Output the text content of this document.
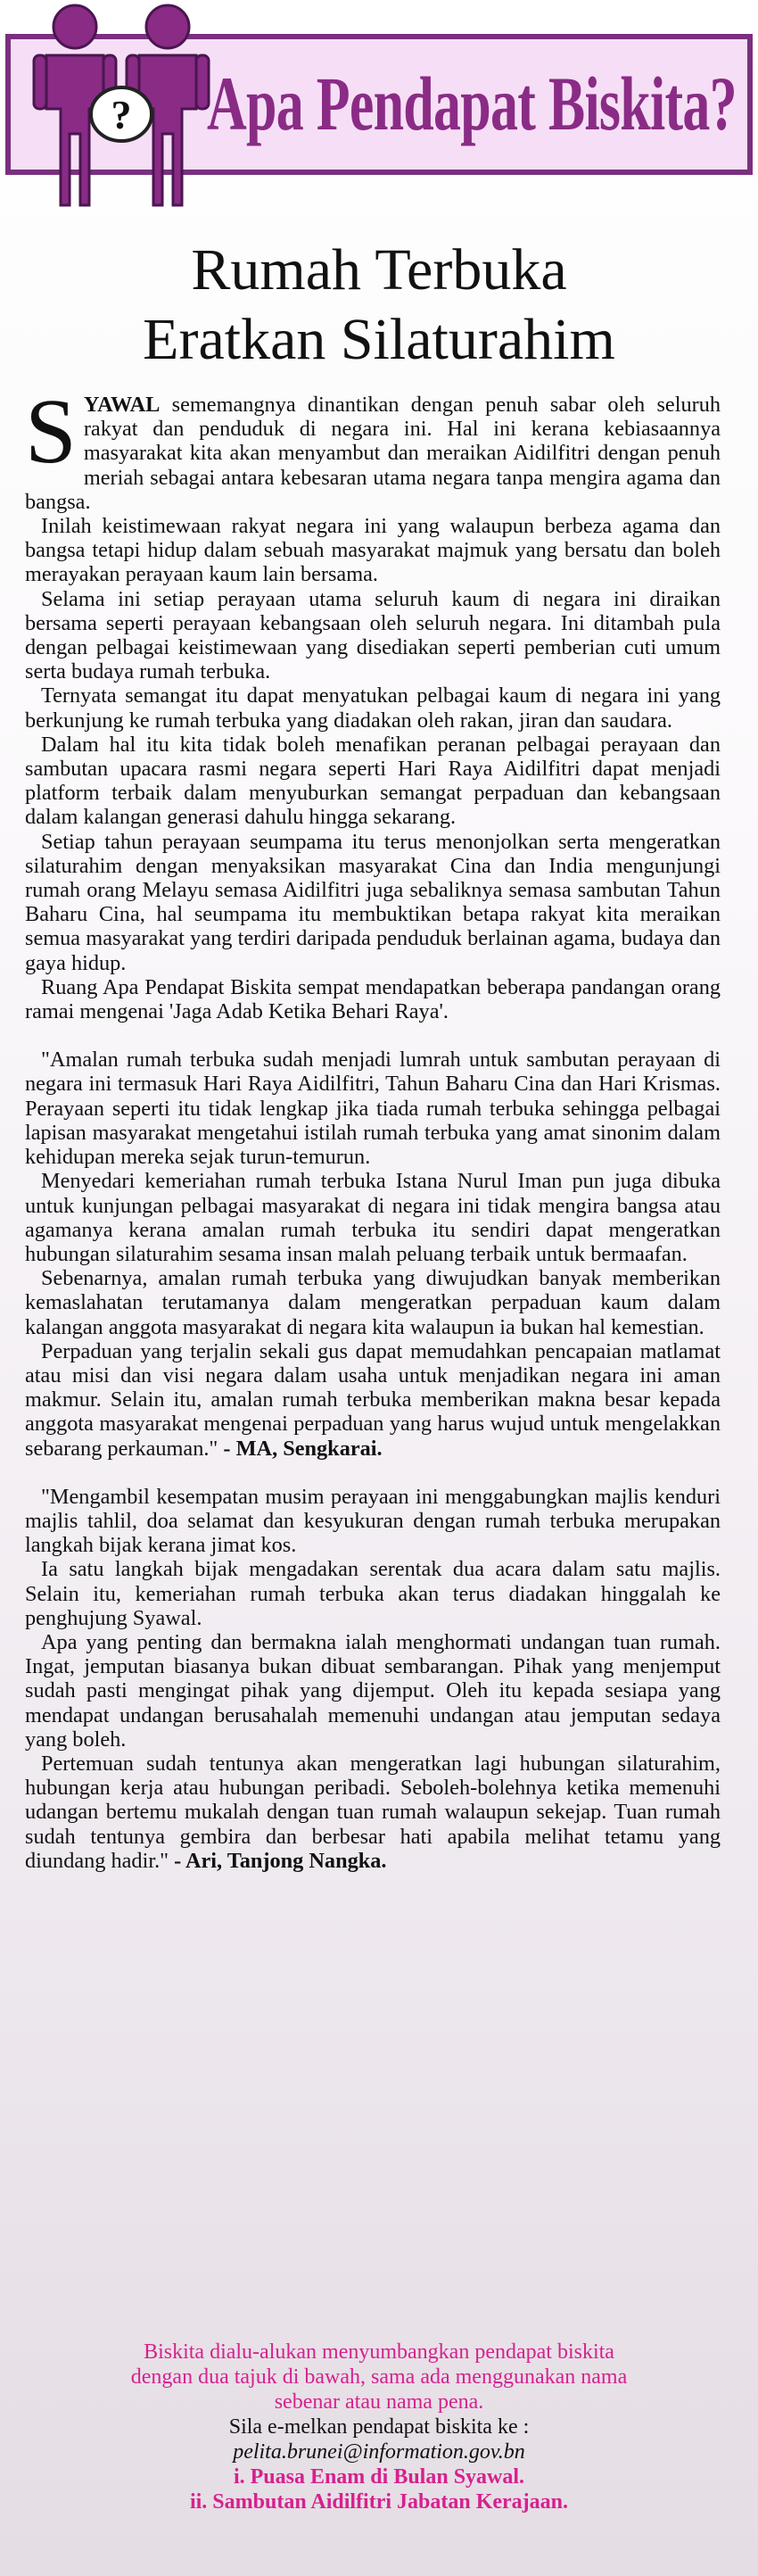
? Apa Pendapat Biskita?
Rumah Terbuka
Eratkan Silaturahim

SYAWAL sememangnya dinantikan dengan penuh sabar oleh seluruh rakyat dan penduduk di negara ini. Hal ini kerana kebiasaannya masyarakat kita akan menyambut dan meraikan Aidilfitri dengan penuh meriah sebagai antara kebesaran utama negara tanpa mengira agama dan bangsa.

Inilah keistimewaan rakyat negara ini yang walaupun berbeza agama dan bangsa tetapi hidup dalam sebuah masyarakat majmuk yang bersatu dan boleh merayakan perayaan kaum lain bersama.

Selama ini setiap perayaan utama seluruh kaum di negara ini diraikan bersama seperti perayaan kebangsaan oleh seluruh negara. Ini ditambah pula dengan pelbagai keistimewaan yang disediakan seperti pemberian cuti umum serta budaya rumah terbuka.

Ternyata semangat itu dapat menyatukan pelbagai kaum di negara ini yang berkunjung ke rumah terbuka yang diadakan oleh rakan, jiran dan saudara.

Dalam hal itu kita tidak boleh menafikan peranan pelbagai perayaan dan sambutan upacara rasmi negara seperti Hari Raya Aidilfitri dapat menjadi platform terbaik dalam menyuburkan semangat perpaduan dan kebangsaan dalam kalangan generasi dahulu hingga sekarang.

Setiap tahun perayaan seumpama itu terus menonjolkan serta mengeratkan silaturahim dengan menyaksikan masyarakat Cina dan India mengunjungi rumah orang Melayu semasa Aidilfitri juga sebaliknya semasa sambutan Tahun Baharu Cina, hal seumpama itu membuktikan betapa rakyat kita meraikan semua masyarakat yang terdiri daripada penduduk berlainan agama, budaya dan gaya hidup.

Ruang Apa Pendapat Biskita sempat mendapatkan beberapa pandangan orang ramai mengenai 'Jaga Adab Ketika Behari Raya'.

"Amalan rumah terbuka sudah menjadi lumrah untuk sambutan perayaan di negara ini termasuk Hari Raya Aidilfitri, Tahun Baharu Cina dan Hari Krismas. Perayaan seperti itu tidak lengkap jika tiada rumah terbuka sehingga pelbagai lapisan masyarakat mengetahui istilah rumah terbuka yang amat sinonim dalam kehidupan mereka sejak turun-temurun.

Menyedari kemeriahan rumah terbuka Istana Nurul Iman pun juga dibuka untuk kunjungan pelbagai masyarakat di negara ini tidak mengira bangsa atau agamanya kerana amalan rumah terbuka itu sendiri dapat mengeratkan hubungan silaturahim sesama insan malah peluang terbaik untuk bermaafan.

Sebenarnya, amalan rumah terbuka yang diwujudkan banyak memberikan kemaslahatan terutamanya dalam mengeratkan perpaduan kaum dalam kalangan anggota masyarakat di negara kita walaupun ia bukan hal kemestian.

Perpaduan yang terjalin sekali gus dapat memudahkan pencapaian matlamat atau misi dan visi negara dalam usaha untuk menjadikan negara ini aman makmur. Selain itu, amalan rumah terbuka memberikan makna besar kepada anggota masyarakat mengenai perpaduan yang harus wujud untuk mengelakkan sebarang perkauman." - MA, Sengkarai.

"Mengambil kesempatan musim perayaan ini menggabungkan majlis kenduri majlis tahlil, doa selamat dan kesyukuran dengan rumah terbuka merupakan langkah bijak kerana jimat kos.

Ia satu langkah bijak mengadakan serentak dua acara dalam satu majlis. Selain itu, kemeriahan rumah terbuka akan terus diadakan hinggalah ke penghujung Syawal.

Apa yang penting dan bermakna ialah menghormati undangan tuan rumah. Ingat, jemputan biasanya bukan dibuat sembarangan. Pihak yang menjemput sudah pasti mengingat pihak yang dijemput. Oleh itu kepada sesiapa yang mendapat undangan berusahalah memenuhi undangan atau jemputan sedaya yang boleh.

Pertemuan sudah tentunya akan mengeratkan lagi hubungan silaturahim, hubungan kerja atau hubungan peribadi. Seboleh-bolehnya ketika memenuhi udangan bertemu mukalah dengan tuan rumah walaupun sekejap. Tuan rumah sudah tentunya gembira dan berbesar hati apabila melihat tetamu yang diundang hadir." - Ari, Tanjong Nangka.

Biskita dialu-alukan menyumbangkan pendapat biskita
dengan dua tajuk di bawah, sama ada menggunakan nama
sebenar atau nama pena.
Sila e-melkan pendapat biskita ke :
pelita.brunei@information.gov.bn
i. Puasa Enam di Bulan Syawal.
ii. Sambutan Aidilfitri Jabatan Kerajaan.
